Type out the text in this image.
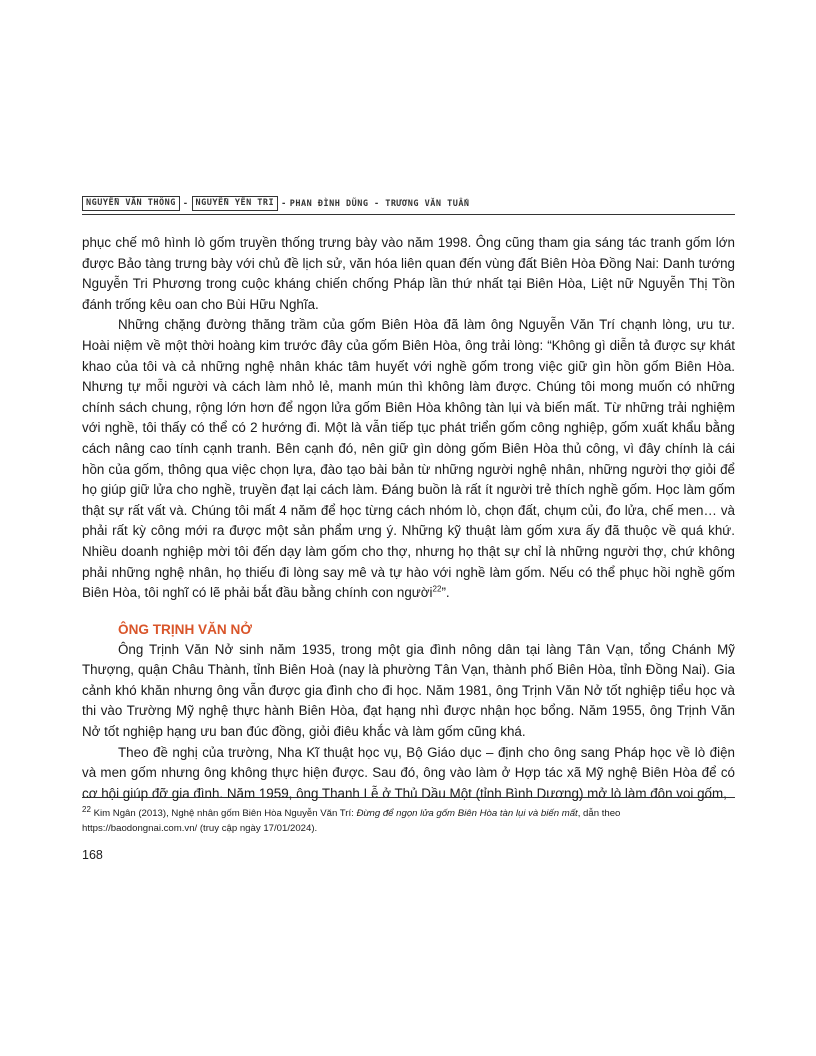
NGUYỄN VĂN THÔNG - NGUYỄN YÊN TRI - PHAN ĐÌNH DŨNG - TRƯƠNG VĂN TUẤN

phục chế mô hình lò gốm truyền thống trưng bày vào năm 1998. Ông cũng tham gia sáng tác tranh gốm lớn được Bảo tàng trưng bày với chủ đề lịch sử, văn hóa liên quan đến vùng đất Biên Hòa Đồng Nai: Danh tướng Nguyễn Tri Phương trong cuộc kháng chiến chống Pháp lần thứ nhất tại Biên Hòa, Liệt nữ Nguyễn Thị Tồn đánh trống kêu oan cho Bùi Hữu Nghĩa.

Những chặng đường thăng trầm của gốm Biên Hòa đã làm ông Nguyễn Văn Trí chạnh lòng, ưu tư. Hoài niệm về một thời hoàng kim trước đây của gốm Biên Hòa, ông trải lòng: “Không gì diễn tả được sự khát khao của tôi và cả những nghệ nhân khác tâm huyết với nghề gốm trong việc giữ gìn hồn gốm Biên Hòa. Nhưng tự mỗi người và cách làm nhỏ lẻ, manh mún thì không làm được. Chúng tôi mong muốn có những chính sách chung, rộng lớn hơn để ngọn lửa gốm Biên Hòa không tàn lụi và biến mất. Từ những trải nghiệm với nghề, tôi thấy có thể có 2 hướng đi. Một là vẫn tiếp tục phát triển gốm công nghiệp, gốm xuất khẩu bằng cách nâng cao tính cạnh tranh. Bên cạnh đó, nên giữ gìn dòng gốm Biên Hòa thủ công, vì đây chính là cái hồn của gốm, thông qua việc chọn lựa, đào tạo bài bản từ những người nghệ nhân, những người thợ giỏi để họ giúp giữ lửa cho nghề, truyền đạt lại cách làm. Đáng buồn là rất ít người trẻ thích nghề gốm. Học làm gốm thật sự rất vất và. Chúng tôi mất 4 năm để học từng cách nhóm lò, chọn đất, chụm củi, đo lửa, chế men… và phải rất kỳ công mới ra được một sản phẩm ưng ý. Những kỹ thuật làm gốm xưa ấy đã thuộc về quá khứ. Nhiều doanh nghiệp mời tôi đến dạy làm gốm cho thợ, nhưng họ thật sự chỉ là những người thợ, chứ không phải những nghệ nhân, họ thiếu đi lòng say mê và tự hào với nghề làm gốm. Nếu có thể phục hồi nghề gốm Biên Hòa, tôi nghĩ có lẽ phải bắt đầu bằng chính con người$^{22}$”.

ÔNG TRỊNH VĂN NỞ

Ông Trịnh Văn Nở sinh năm 1935, trong một gia đình nông dân tại làng Tân Vạn, tổng Chánh Mỹ Thượng, quận Châu Thành, tỉnh Biên Hoà (nay là phường Tân Vạn, thành phố Biên Hòa, tỉnh Đồng Nai). Gia cảnh khó khăn nhưng ông vẫn được gia đình cho đi học. Năm 1981, ông Trịnh Văn Nở tốt nghiệp tiểu học và thi vào Trường Mỹ nghệ thực hành Biên Hòa, đạt hạng nhì được nhận học bổng. Năm 1955, ông Trịnh Văn Nở tốt nghiệp hạng ưu ban đúc đồng, giỏi điêu khắc và làm gốm cũng khá.

Theo đề nghị của trường, Nha Kĩ thuật học vụ, Bộ Giáo dục – định cho ông sang Pháp học về lò điện và men gốm nhưng ông không thực hiện được. Sau đó, ông vào làm ở Hợp tác xã Mỹ nghệ Biên Hòa để có cơ hội giúp đỡ gia đình. Năm 1959, ông Thanh Lễ ở Thủ Dầu Một (tỉnh Bình Dương) mở lò làm đôn voi gốm,

$^{22}$ Kim Ngân (2013), Nghệ nhân gốm Biên Hòa Nguyễn Văn Trí: Đừng để ngọn lửa gốm Biên Hòa tàn lụi và biến mất, dẫn theo https://baodongnai.com.vn/ (truy cập ngày 17/01/2024).
168
